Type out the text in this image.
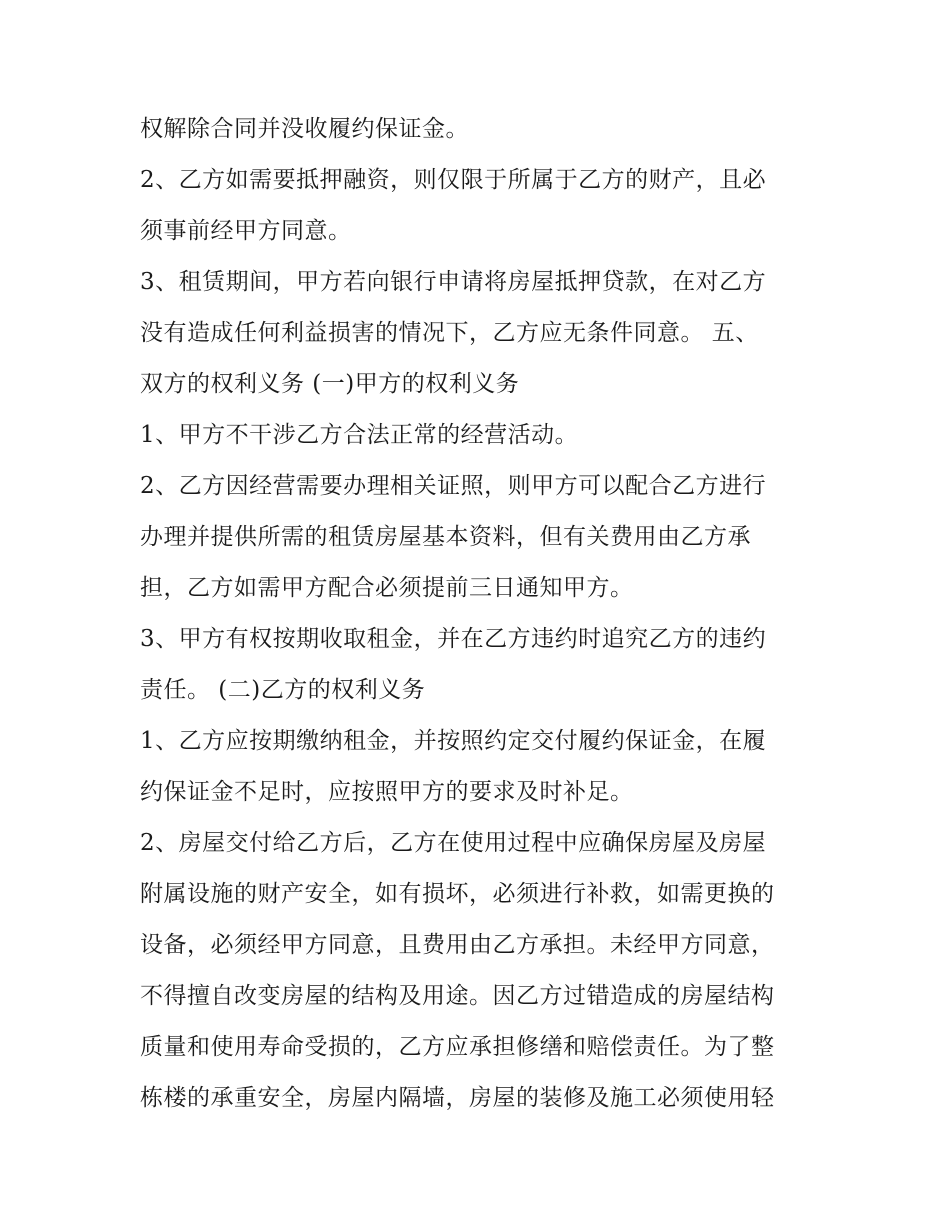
权解除合同并没收履约保证金。
2、乙方如需要抵押融资，则仅限于所属于乙方的财产，且必
须事前经甲方同意。
3、租赁期间，甲方若向银行申请将房屋抵押贷款，在对乙方
没有造成任何利益损害的情况下，乙方应无条件同意。 五、
双方的权利义务 (一)甲方的权利义务
1、甲方不干涉乙方合法正常的经营活动。
2、乙方因经营需要办理相关证照，则甲方可以配合乙方进行
办理并提供所需的租赁房屋基本资料，但有关费用由乙方承
担，乙方如需甲方配合必须提前三日通知甲方。
3、甲方有权按期收取租金，并在乙方违约时追究乙方的违约
责任。 (二)乙方的权利义务
1、乙方应按期缴纳租金，并按照约定交付履约保证金，在履
约保证金不足时，应按照甲方的要求及时补足。
2、房屋交付给乙方后，乙方在使用过程中应确保房屋及房屋
附属设施的财产安全，如有损坏，必须进行补救，如需更换的
设备，必须经甲方同意，且费用由乙方承担。未经甲方同意，
不得擅自改变房屋的结构及用途。因乙方过错造成的房屋结构
质量和使用寿命受损的，乙方应承担修缮和赔偿责任。为了整
栋楼的承重安全，房屋内隔墙，房屋的装修及施工必须使用轻
